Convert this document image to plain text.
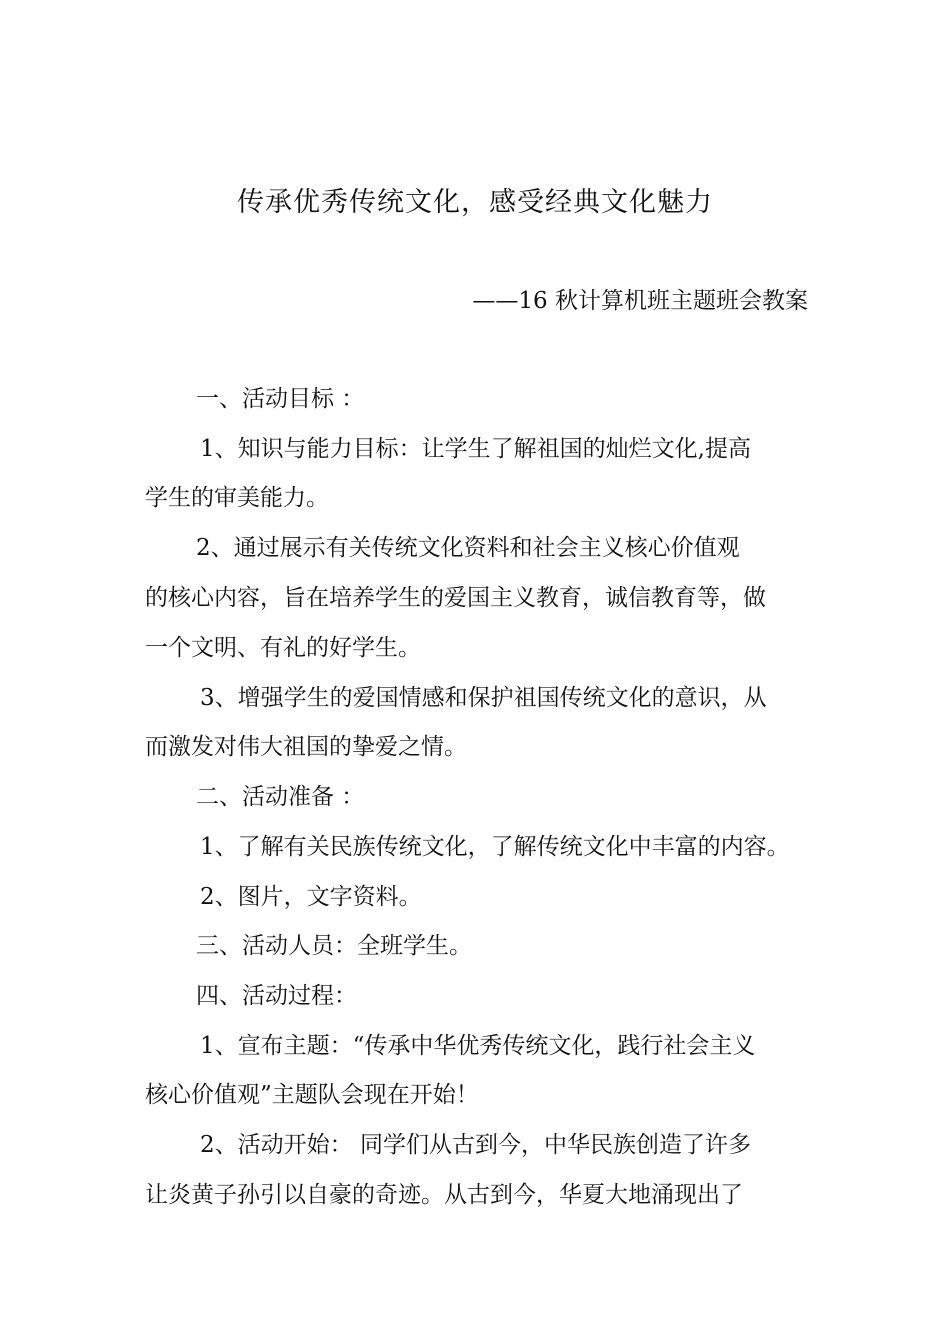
传承优秀传统文化，感受经典文化魅力
——16 秋计算机班主题班会教案
一、活动目标 ：
1、知识与能力目标：让学生了解祖国的灿烂文化,提高
学生的审美能力。
2、通过展示有关传统文化资料和社会主义核心价值观
的核心内容，旨在培养学生的爱国主义教育，诚信教育等，做
一个文明、有礼的好学生。
3、增强学生的爱国情感和保护祖国传统文化的意识，从
而激发对伟大祖国的挚爱之情。
二、活动准备 ：
1、了解有关民族传统文化，了解传统文化中丰富的内容。
2、图片，文字资料。
三、活动人员：全班学生。
四、活动过程：
1、宣布主题：“传承中华优秀传统文化，践行社会主义
核心价值观”主题队会现在开始！
2、活动开始： 同学们从古到今，中华民族创造了许多
让炎黄子孙引以自豪的奇迹。从古到今，华夏大地涌现出了
